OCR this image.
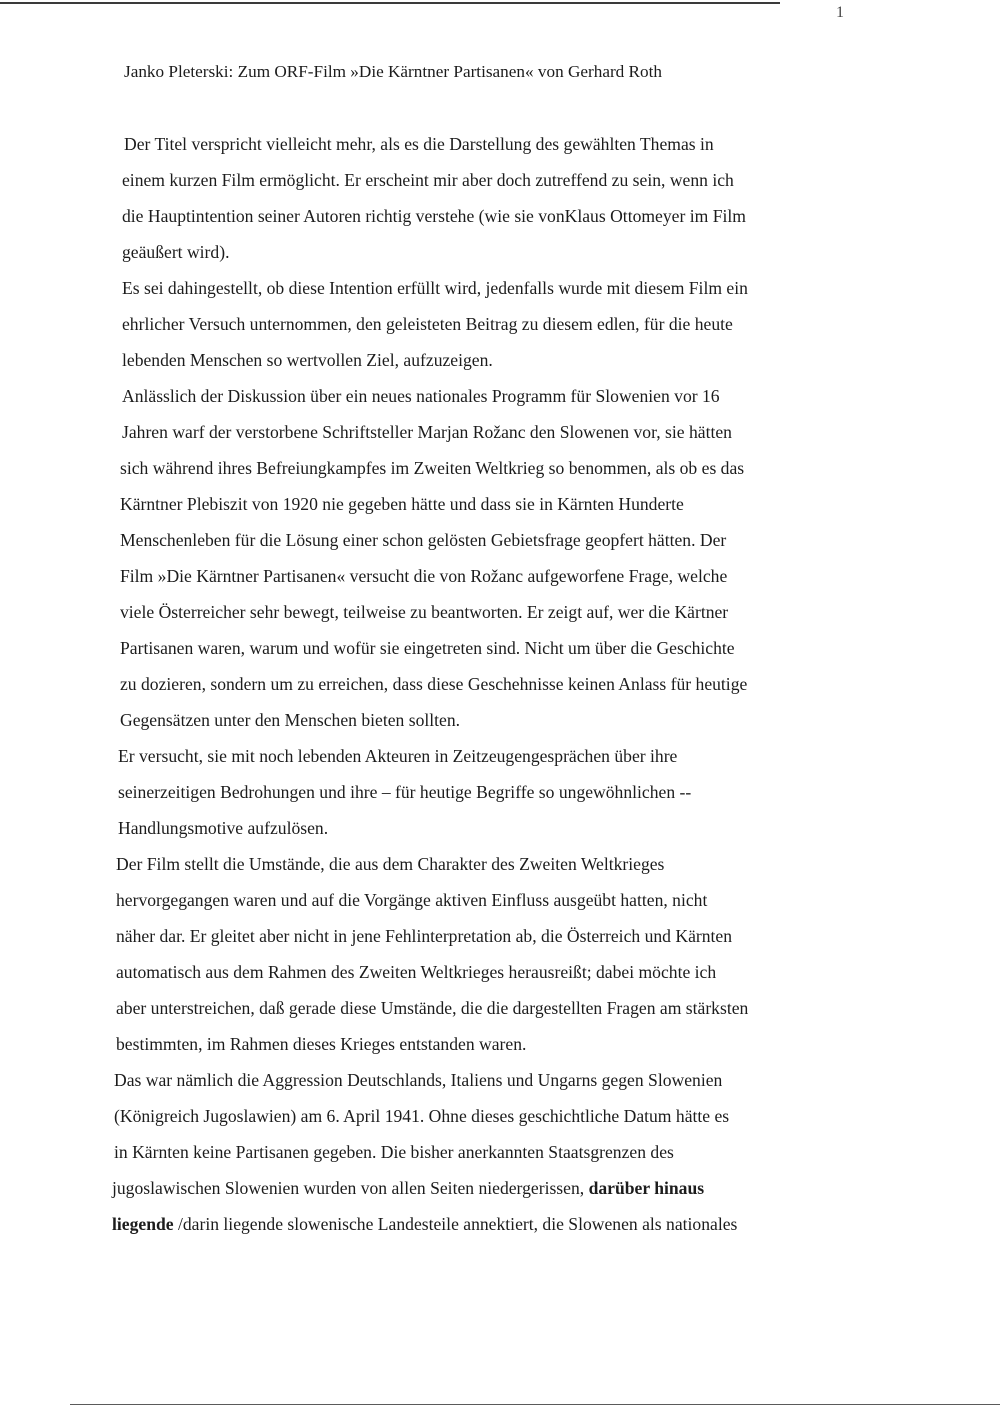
1
Janko Pleterski: Zum ORF-Film »Die Kärntner Partisanen« von Gerhard Roth
Der Titel verspricht vielleicht mehr, als es die Darstellung des gewählten Themas in
einem kurzen Film ermöglicht. Er erscheint mir aber doch zutreffend zu sein, wenn ich
die Hauptintention seiner Autoren richtig verstehe (wie sie vonKlaus Ottomeyer im Film
geäußert wird).
Es sei dahingestellt, ob diese Intention erfüllt wird, jedenfalls wurde mit diesem Film ein
ehrlicher Versuch unternommen, den geleisteten Beitrag zu diesem edlen, für die heute
lebenden Menschen so wertvollen Ziel, aufzuzeigen.
Anlässlich der Diskussion über ein neues nationales Programm für Slowenien vor 16
Jahren warf der verstorbene Schriftsteller Marjan Rožanc den Slowenen vor, sie hätten
sich während ihres Befreiungkampfes im Zweiten Weltkrieg so benommen, als ob es das
Kärntner Plebiszit von 1920 nie gegeben hätte und dass sie in Kärnten Hunderte
Menschenleben für die Lösung einer schon gelösten Gebietsfrage geopfert hätten. Der
Film »Die Kärntner Partisanen« versucht die von Rožanc aufgeworfene Frage, welche
viele Österreicher sehr bewegt, teilweise zu beantworten. Er zeigt auf, wer die Kärtner
Partisanen waren, warum und wofür sie eingetreten sind. Nicht um über die Geschichte
zu dozieren, sondern um zu erreichen, dass diese Geschehnisse keinen Anlass für heutige
Gegensätzen unter den Menschen bieten sollten.
Er versucht, sie mit noch lebenden Akteuren in Zeitzeugengesprächen über ihre
seinerzeitigen Bedrohungen und ihre – für heutige Begriffe so ungewöhnlichen --
Handlungsmotive aufzulösen.
Der Film stellt die Umstände, die aus dem Charakter des Zweiten Weltkrieges
hervorgegangen waren und auf die Vorgänge aktiven Einfluss ausgeübt hatten, nicht
näher dar. Er gleitet aber nicht in jene Fehlinterpretation ab, die Österreich und Kärnten
automatisch aus dem Rahmen des Zweiten Weltkrieges herausreißt; dabei möchte ich
aber unterstreichen, daß gerade diese Umstände, die die dargestellten Fragen am stärksten
bestimmten, im Rahmen dieses Krieges entstanden waren.
Das war nämlich die Aggression Deutschlands, Italiens und Ungarns gegen Slowenien
(Königreich Jugoslawien) am 6. April 1941. Ohne dieses geschichtliche Datum hätte es
in Kärnten keine Partisanen gegeben. Die bisher anerkannten Staatsgrenzen des
jugoslawischen Slowenien wurden von allen Seiten niedergerissen, darüber hinaus
liegende /darin liegende slowenische Landesteile annektiert, die Slowenen als nationales
